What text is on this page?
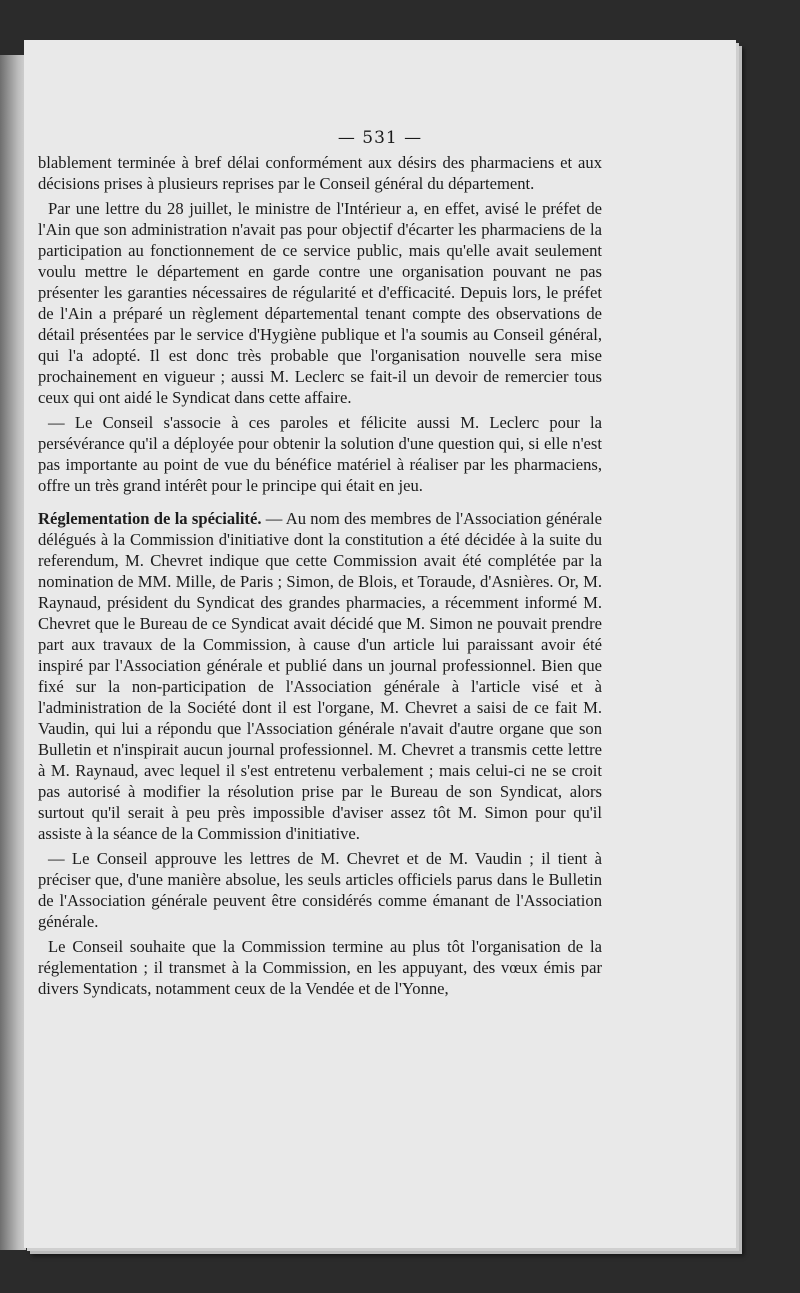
— 531 —

blablement terminée à bref délai conformément aux désirs des pharmaciens et aux décisions prises à plusieurs reprises par le Conseil général du département.

Par une lettre du 28 juillet, le ministre de l'Intérieur a, en effet, avisé le préfet de l'Ain que son administration n'avait pas pour objectif d'écarter les pharmaciens de la participation au fonctionnement de ce service public, mais qu'elle avait seulement voulu mettre le département en garde contre une organisation pouvant ne pas présenter les garanties nécessaires de régularité et d'efficacité. Depuis lors, le préfet de l'Ain a préparé un règlement départemental tenant compte des observations de détail présentées par le service d'Hygiène publique et l'a soumis au Conseil général, qui l'a adopté. Il est donc très probable que l'organisation nouvelle sera mise prochainement en vigueur ; aussi M. Leclerc se fait-il un devoir de remercier tous ceux qui ont aidé le Syndicat dans cette affaire.

— Le Conseil s'associe à ces paroles et félicite aussi M. Leclerc pour la persévérance qu'il a déployée pour obtenir la solution d'une question qui, si elle n'est pas importante au point de vue du bénéfice matériel à réaliser par les pharmaciens, offre un très grand intérêt pour le principe qui était en jeu.

Réglementation de la spécialité. — Au nom des membres de l'Association générale délégués à la Commission d'initiative dont la constitution a été décidée à la suite du referendum, M. Chevret indique que cette Commission avait été complétée par la nomination de MM. Mille, de Paris ; Simon, de Blois, et Toraude, d'Asnières. Or, M. Raynaud, président du Syndicat des grandes pharmacies, a récemment informé M. Chevret que le Bureau de ce Syndicat avait décidé que M. Simon ne pouvait prendre part aux travaux de la Commission, à cause d'un article lui paraissant avoir été inspiré par l'Association générale et publié dans un journal professionnel. Bien que fixé sur la non-participation de l'Association générale à l'article visé et à l'administration de la Société dont il est l'organe, M. Chevret a saisi de ce fait M. Vaudin, qui lui a répondu que l'Association générale n'avait d'autre organe que son Bulletin et n'inspirait aucun journal professionnel. M. Chevret a transmis cette lettre à M. Raynaud, avec lequel il s'est entretenu verbalement ; mais celui-ci ne se croit pas autorisé à modifier la résolution prise par le Bureau de son Syndicat, alors surtout qu'il serait à peu près impossible d'aviser assez tôt M. Simon pour qu'il assiste à la séance de la Commission d'initiative.

— Le Conseil approuve les lettres de M. Chevret et de M. Vaudin ; il tient à préciser que, d'une manière absolue, les seuls articles officiels parus dans le Bulletin de l'Association générale peuvent être considérés comme émanant de l'Association générale.

Le Conseil souhaite que la Commission termine au plus tôt l'organisation de la réglementation ; il transmet à la Commission, en les appuyant, des vœux émis par divers Syndicats, notamment ceux de la Vendée et de l'Yonne,
